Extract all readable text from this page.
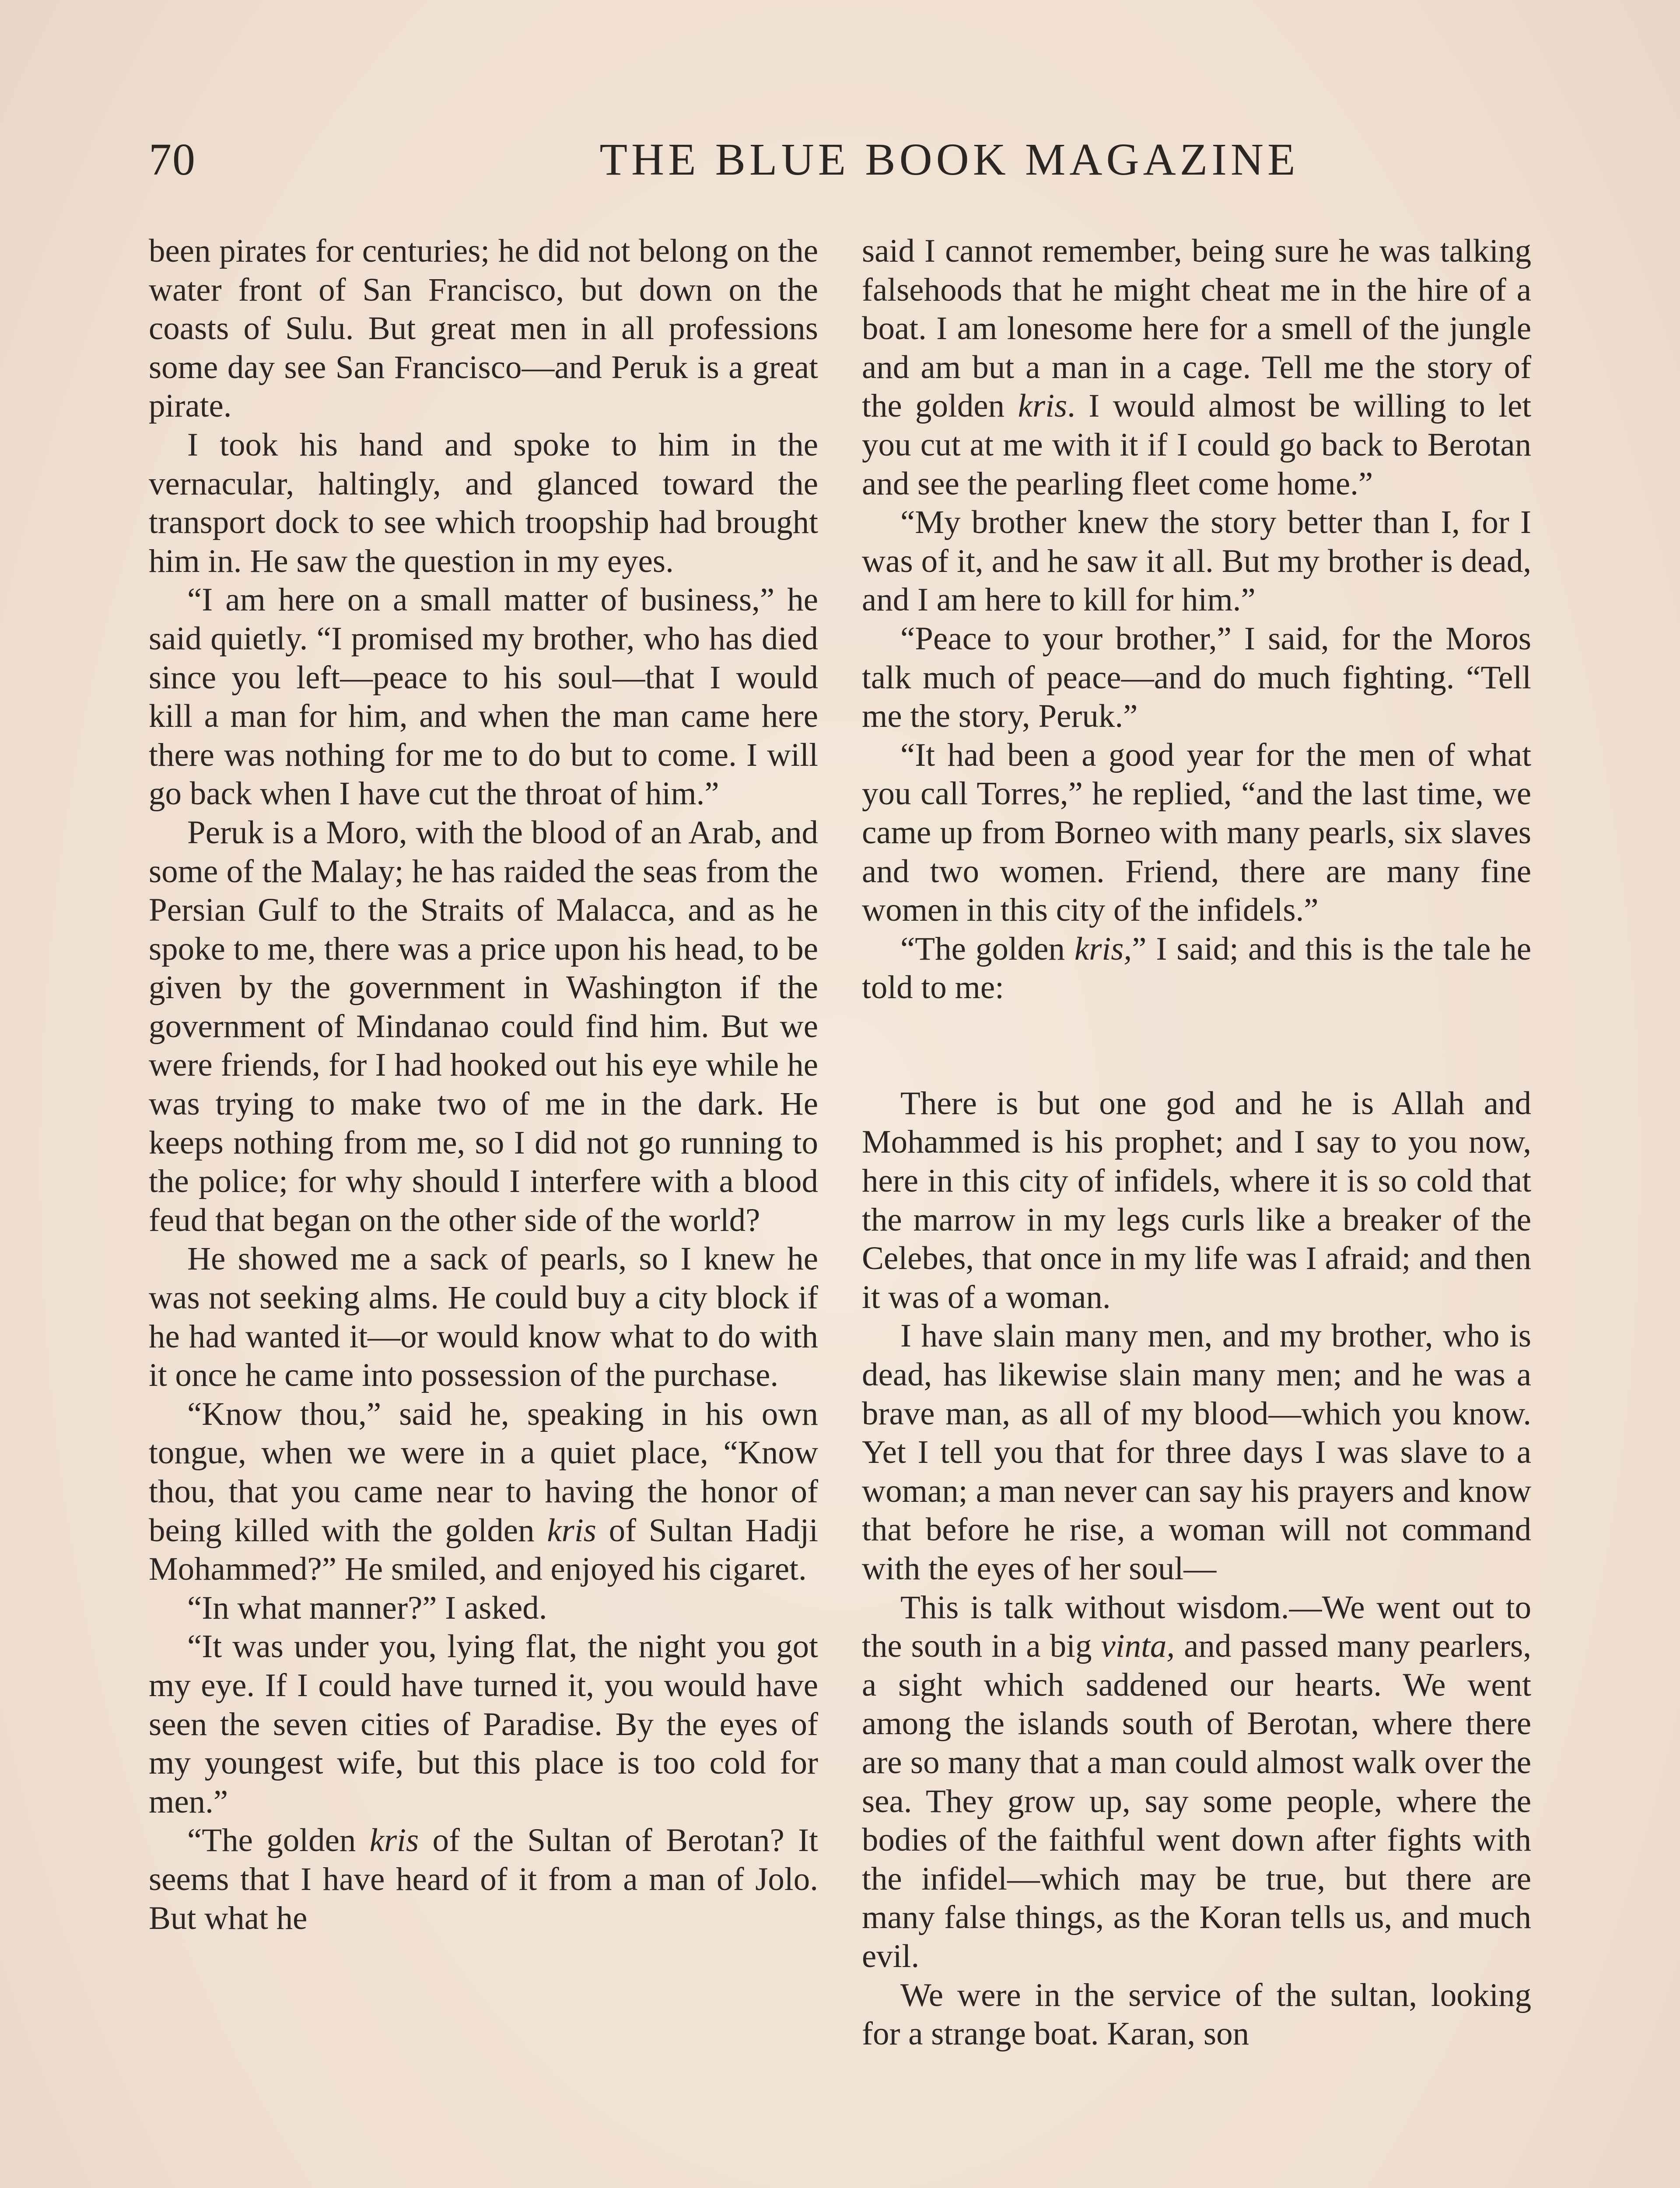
70	THE BLUE BOOK MAGAZINE

been pirates for centuries; he did not belong on the water front of San Francisco, but down on the coasts of Sulu. But great men in all professions some day see San Francisco—and Peruk is a great pirate.

I took his hand and spoke to him in the vernacular, haltingly, and glanced toward the transport dock to see which troopship had brought him in. He saw the question in my eyes.

“I am here on a small matter of business,” he said quietly. “I promised my brother, who has died since you left—peace to his soul—that I would kill a man for him, and when the man came here there was nothing for me to do but to come. I will go back when I have cut the throat of him.”

Peruk is a Moro, with the blood of an Arab, and some of the Malay; he has raided the seas from the Persian Gulf to the Straits of Malacca, and as he spoke to me, there was a price upon his head, to be given by the government in Washington if the government of Mindanao could find him. But we were friends, for I had hooked out his eye while he was trying to make two of me in the dark. He keeps nothing from me, so I did not go running to the police; for why should I interfere with a blood feud that began on the other side of the world?

He showed me a sack of pearls, so I knew he was not seeking alms. He could buy a city block if he had wanted it—or would know what to do with it once he came into possession of the purchase.

“Know thou,” said he, speaking in his own tongue, when we were in a quiet place, “Know thou, that you came near to having the honor of being killed with the golden kris of Sultan Hadji Mohammed?” He smiled, and enjoyed his cigaret.

“In what manner?” I asked.

“It was under you, lying flat, the night you got my eye. If I could have turned it, you would have seen the seven cities of Paradise. By the eyes of my youngest wife, but this place is too cold for men.”

“The golden kris of the Sultan of Berotan? It seems that I have heard of it from a man of Jolo. But what he

said I cannot remember, being sure he was talking falsehoods that he might cheat me in the hire of a boat. I am lonesome here for a smell of the jungle and am but a man in a cage. Tell me the story of the golden kris. I would almost be willing to let you cut at me with it if I could go back to Berotan and see the pearling fleet come home.”

“My brother knew the story better than I, for I was of it, and he saw it all. But my brother is dead, and I am here to kill for him.”

“Peace to your brother,” I said, for the Moros talk much of peace—and do much fighting. “Tell me the story, Peruk.”

“It had been a good year for the men of what you call Torres,” he replied, “and the last time, we came up from Borneo with many pearls, six slaves and two women. Friend, there are many fine women in this city of the infidels.”

“The golden kris,” I said; and this is the tale he told to me:

There is but one god and he is Allah and Mohammed is his prophet; and I say to you now, here in this city of infidels, where it is so cold that the marrow in my legs curls like a breaker of the Celebes, that once in my life was I afraid; and then it was of a woman.

I have slain many men, and my brother, who is dead, has likewise slain many men; and he was a brave man, as all of my blood—which you know. Yet I tell you that for three days I was slave to a woman; a man never can say his prayers and know that before he rise, a woman will not command with the eyes of her soul—

This is talk without wisdom.—We went out to the south in a big vinta, and passed many pearlers, a sight which saddened our hearts. We went among the islands south of Berotan, where there are so many that a man could almost walk over the sea. They grow up, say some people, where the bodies of the faithful went down after fights with the infidel—which may be true, but there are many false things, as the Koran tells us, and much evil.

We were in the service of the sultan, looking for a strange boat. Karan, son
